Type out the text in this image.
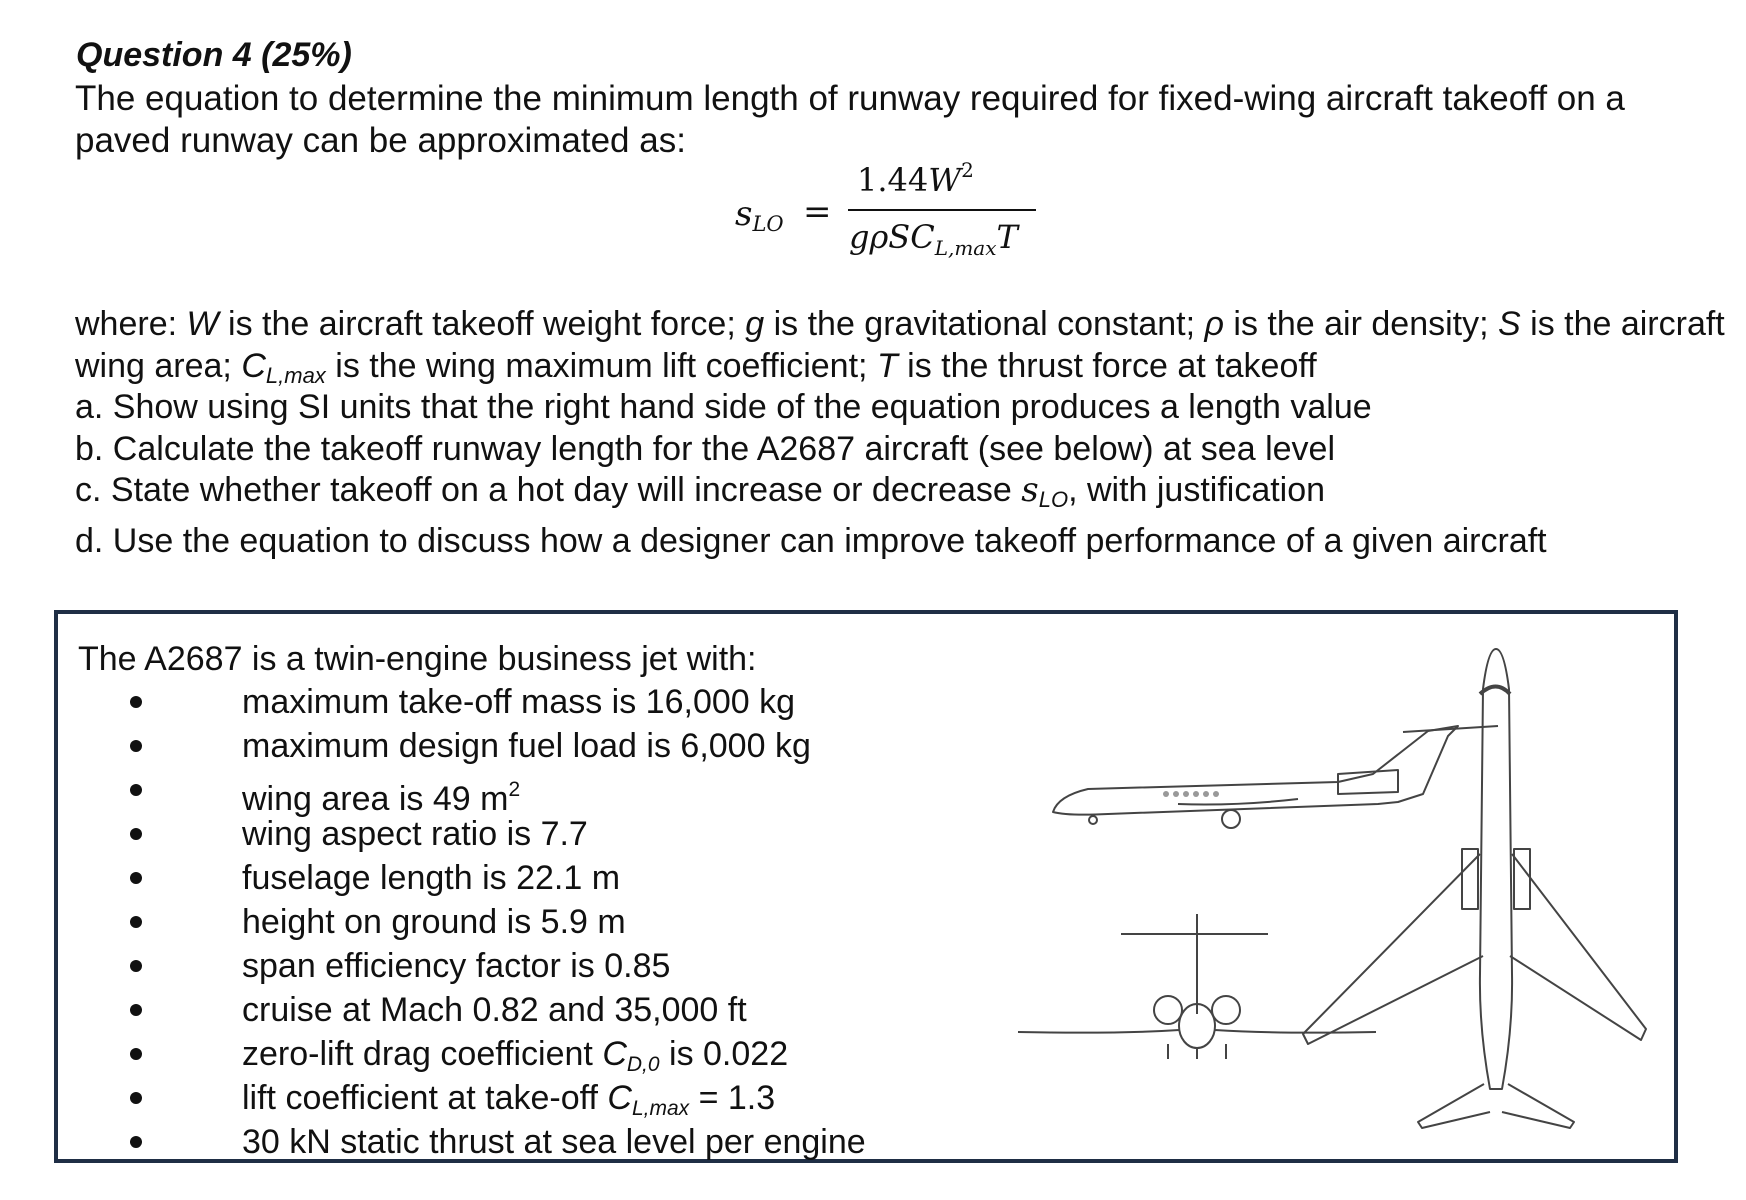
Question 4 (25%)

The equation to determine the minimum length of runway required for fixed-wing aircraft takeoff on a paved runway can be approximated as:

$s_{LO}$ =
$1.44W^2$
gρSC$_{L,max}$T

where: W is the aircraft takeoff weight force; g is the gravitational constant; ρ is the air density; S is the aircraft wing area; $C_{L,max}$ is the wing maximum lift coefficient; T is the thrust force at takeoff

a. Show using SI units that the right hand side of the equation produces a length value
b. Calculate the takeoff runway length for the A2687 aircraft (see below) at sea level
c. State whether takeoff on a hot day will increase or decrease $s_{LO}$, with justification
d. Use the equation to discuss how a designer can improve takeoff performance of a given aircraft

The A2687 is a twin-engine business jet with:

maximum take-off mass is 16,000 kg
maximum design fuel load is 6,000 kg
wing area is 49 $m^2$
wing aspect ratio is 7.7
fuselage length is 22.1 m
height on ground is 5.9 m
span efficiency factor is 0.85
cruise at Mach 0.82 and 35,000 ft
zero-lift drag coefficient $C_{D,0}$ is 0.022
lift coefficient at take-off $C_{L,max} = 1.3$
30 kN static thrust at sea level per engine
